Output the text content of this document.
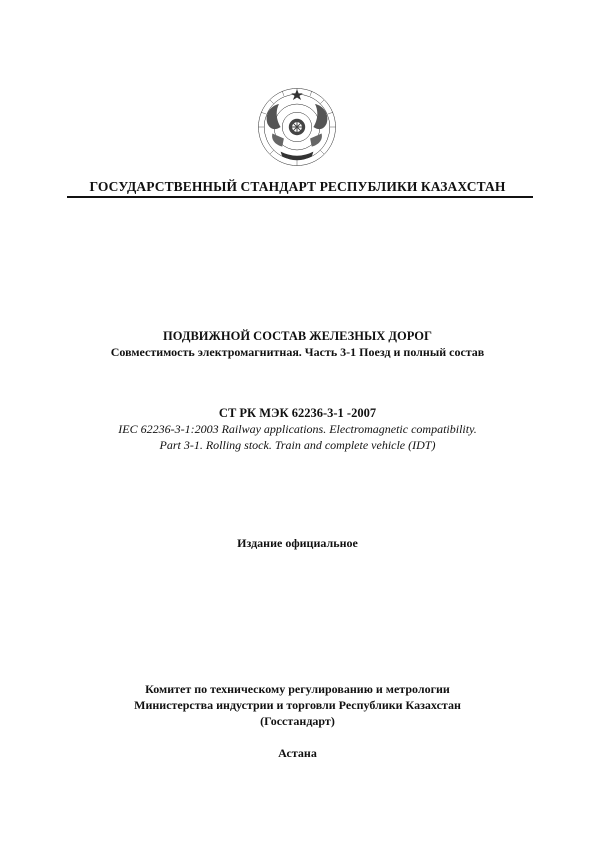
ГОСУДАРСТВЕННЫЙ СТАНДАРТ РЕСПУБЛИКИ КАЗАХСТАН
ПОДВИЖНОЙ СОСТАВ ЖЕЛЕЗНЫХ ДОРОГ
Совместимость электромагнитная. Часть 3-1 Поезд и полный состав
СТ РК МЭК 62236-3-1 -2007
IEC 62236-3-1:2003 Railway applications. Electromagnetic compatibility.
Part 3-1. Rolling stock. Train and complete vehicle (IDT)
Издание официальное
Комитет по техническому регулированию и метрологии
Министерства индустрии и торговли Республики Казахстан
(Госстандарт)
Астана
